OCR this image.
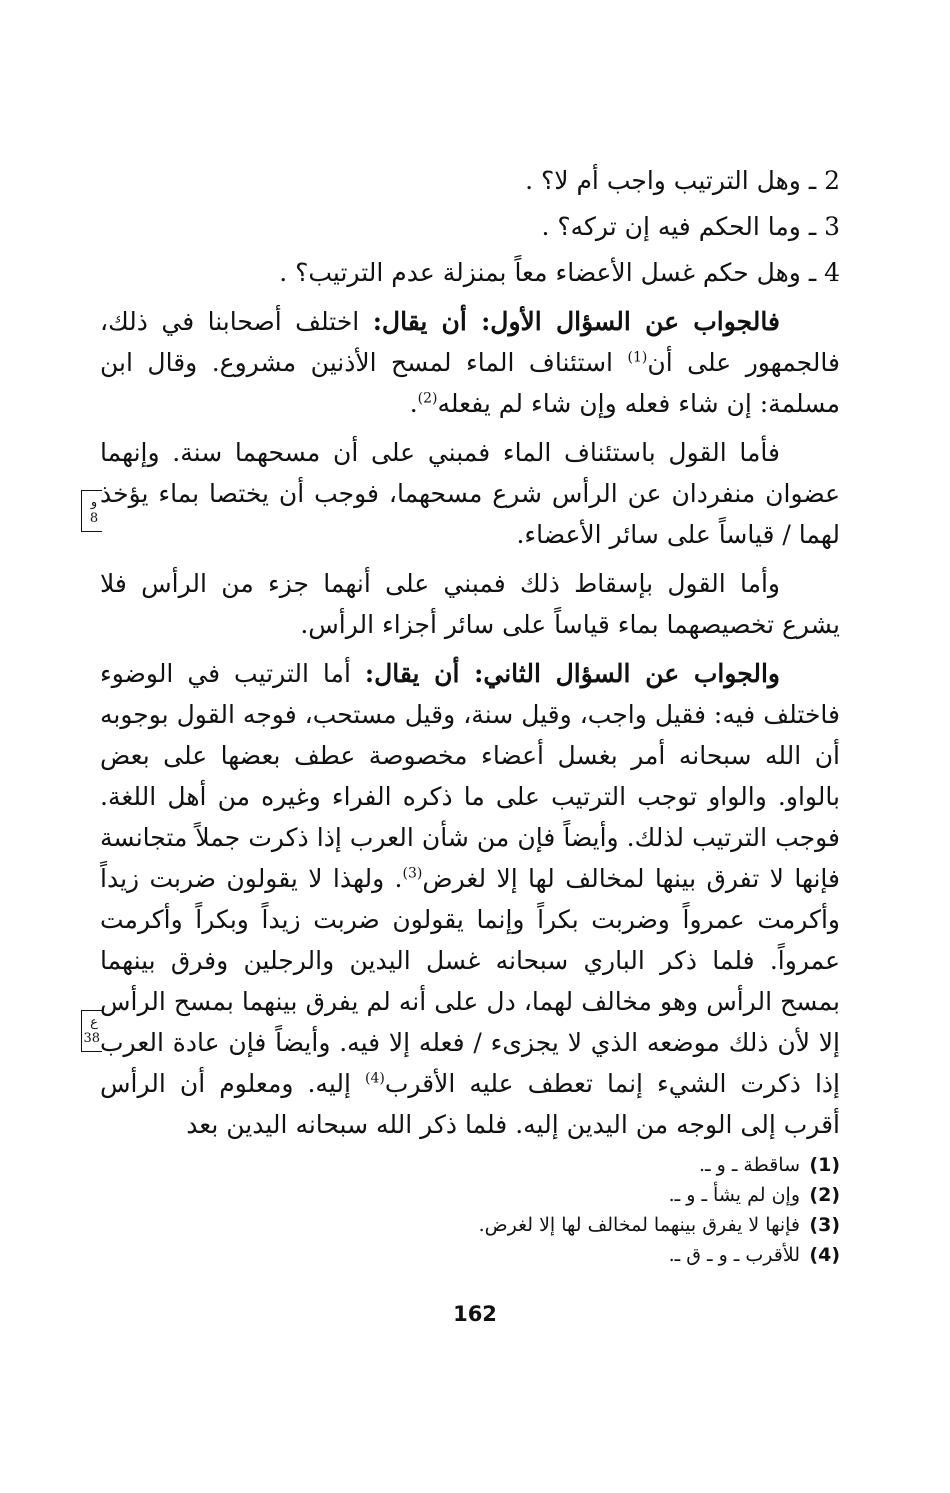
2 ـ وهل الترتيب واجب أم لا؟ .

3 ـ وما الحكم فيه إن تركه؟ .

4 ـ وهل حكم غسل الأعضاء معاً بمنزلة عدم الترتيب؟ .

فالجواب عن السؤال الأول: أن يقال: اختلف أصحابنا في ذلك، فالجمهور على أن$^{(1)}$ استئناف الماء لمسح الأذنين مشروع. وقال ابن مسلمة: إن شاء فعله وإن شاء لم يفعله$^{(2)}$.

فأما القول باستئناف الماء فمبني على أن مسحهما سنة. وإنهما عضوان منفردان عن الرأس شرع مسحهما، فوجب أن يختصا بماء يؤخذ لهما / قياساً على سائر الأعضاء.

وأما القول بإسقاط ذلك فمبني على أنهما جزء من الرأس فلا يشرع تخصيصهما بماء قياساً على سائر أجزاء الرأس.

والجواب عن السؤال الثاني: أن يقال: أما الترتيب في الوضوء فاختلف فيه: فقيل واجب، وقيل سنة، وقيل مستحب، فوجه القول بوجوبه أن الله سبحانه أمر بغسل أعضاء مخصوصة عطف بعضها على بعض بالواو. والواو توجب الترتيب على ما ذكره الفراء وغيره من أهل اللغة. فوجب الترتيب لذلك. وأيضاً فإن من شأن العرب إذا ذكرت جملاً متجانسة فإنها لا تفرق بينها لمخالف لها إلا لغرض$^{(3)}$. ولهذا لا يقولون ضربت زيداً وأكرمت عمرواً وضربت بكراً وإنما يقولون ضربت زيداً وبكراً وأكرمت عمرواً. فلما ذكر الباري سبحانه غسل اليدين والرجلين وفرق بينهما بمسح الرأس وهو مخالف لهما، دل على أنه لم يفرق بينهما بمسح الرأس إلا لأن ذلك موضعه الذي لا يجزىء / فعله إلا فيه. وأيضاً فإن عادة العرب إذا ذكرت الشيء إنما تعطف عليه الأقرب$^{(4)}$ إليه. ومعلوم أن الرأس أقرب إلى الوجه من اليدين إليه. فلما ذكر الله سبحانه اليدين بعد

و
8
ع
38
(1)
ساقطة ـ و ـ.
(2)
وإن لم يشأ ـ و ـ.
(3)
فإنها لا يفرق بينهما لمخالف لها إلا لغرض.
(4)
للأقرب ـ و ـ ق ـ.
162
